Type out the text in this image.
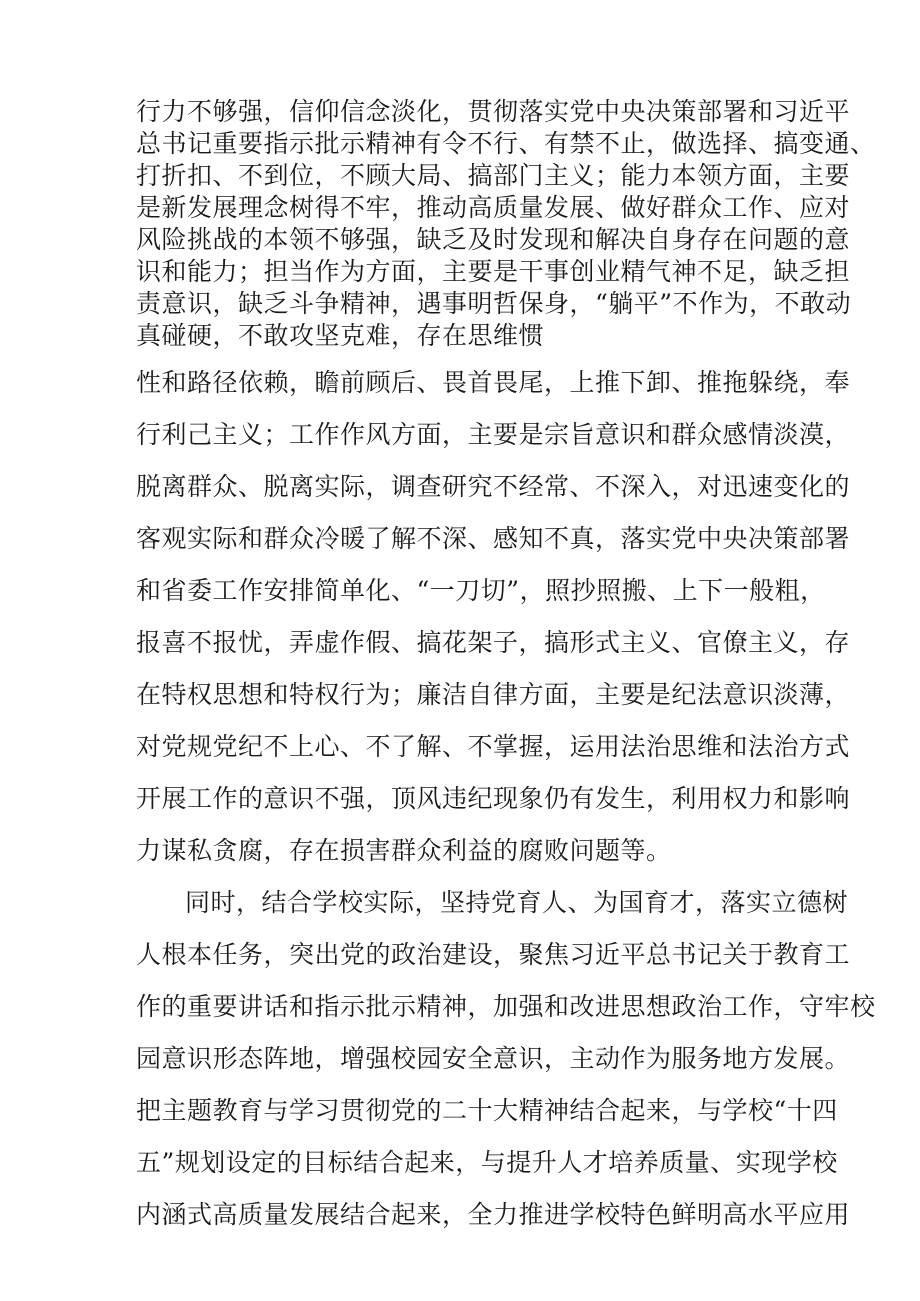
行力不够强，信仰信念淡化，贯彻落实党中央决策部署和习近平
总书记重要指示批示精神有令不行、有禁不止，做选择、搞变通、
打折扣、不到位，不顾大局、搞部门主义；能力本领方面，主要
是新发展理念树得不牢，推动高质量发展、做好群众工作、应对
风险挑战的本领不够强，缺乏及时发现和解决自身存在问题的意
识和能力；担当作为方面，主要是干事创业精气神不足，缺乏担
责意识，缺乏斗争精神，遇事明哲保身，“躺平”不作为，不敢动
真碰硬，不敢攻坚克难，存在思维惯
性和路径依赖，瞻前顾后、畏首畏尾，上推下卸、推拖躲绕，奉
行利己主义；工作作风方面，主要是宗旨意识和群众感情淡漠，
脱离群众、脱离实际，调查研究不经常、不深入，对迅速变化的
客观实际和群众冷暖了解不深、感知不真，落实党中央决策部署
和省委工作安排简单化、“一刀切”，照抄照搬、上下一般粗，
报喜不报忧，弄虚作假、搞花架子，搞形式主义、官僚主义，存
在特权思想和特权行为；廉洁自律方面，主要是纪法意识淡薄，
对党规党纪不上心、不了解、不掌握，运用法治思维和法治方式
开展工作的意识不强，顶风违纪现象仍有发生，利用权力和影响
力谋私贪腐，存在损害群众利益的腐败问题等。
同时，结合学校实际，坚持党育人、为国育才，落实立德树
人根本任务，突出党的政治建设，聚焦习近平总书记关于教育工
作的重要讲话和指示批示精神，加强和改进思想政治工作，守牢校
园意识形态阵地，增强校园安全意识，主动作为服务地方发展。
把主题教育与学习贯彻党的二十大精神结合起来，与学校“十四
五”规划设定的目标结合起来，与提升人才培养质量、实现学校
内涵式高质量发展结合起来，全力推进学校特色鲜明高水平应用
